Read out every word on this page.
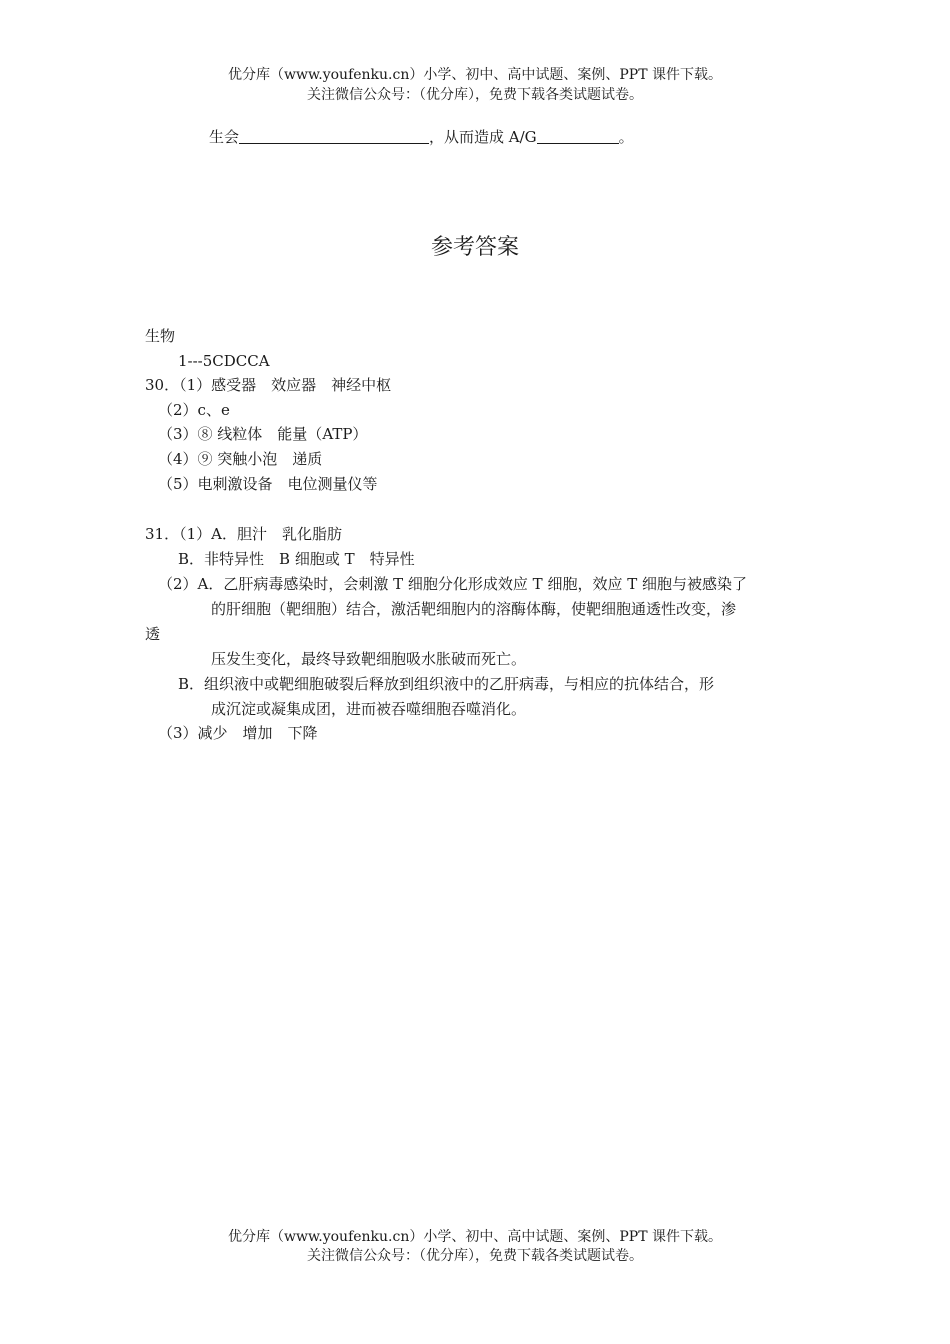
优分库（www.youfenku.cn）小学、初中、高中试题、案例、PPT 课件下载。
关注微信公众号：（优分库），免费下载各类试题试卷。
生会	，从而造成 A/G	。
参考答案
生物
1---5CDCCA
30．（1）感受器　效应器　神经中枢
（2）c、e
（3）⑧ 线粒体　能量（ATP）
（4）⑨ 突触小泡　递质
（5）电刺激设备　电位测量仪等
31．（1）A．胆汁　乳化脂肪
B．非特异性　B 细胞或 T　特异性
（2）A．乙肝病毒感染时，会刺激 T 细胞分化形成效应 T 细胞，效应 T 细胞与被感染了
的肝细胞（靶细胞）结合，激活靶细胞内的溶酶体酶，使靶细胞通透性改变，渗
透
压发生变化，最终导致靶细胞吸水胀破而死亡。
B．组织液中或靶细胞破裂后释放到组织液中的乙肝病毒，与相应的抗体结合，形
成沉淀或凝集成团，进而被吞噬细胞吞噬消化。
（3）减少　增加　下降
优分库（www.youfenku.cn）小学、初中、高中试题、案例、PPT 课件下载。
关注微信公众号：（优分库），免费下载各类试题试卷。
